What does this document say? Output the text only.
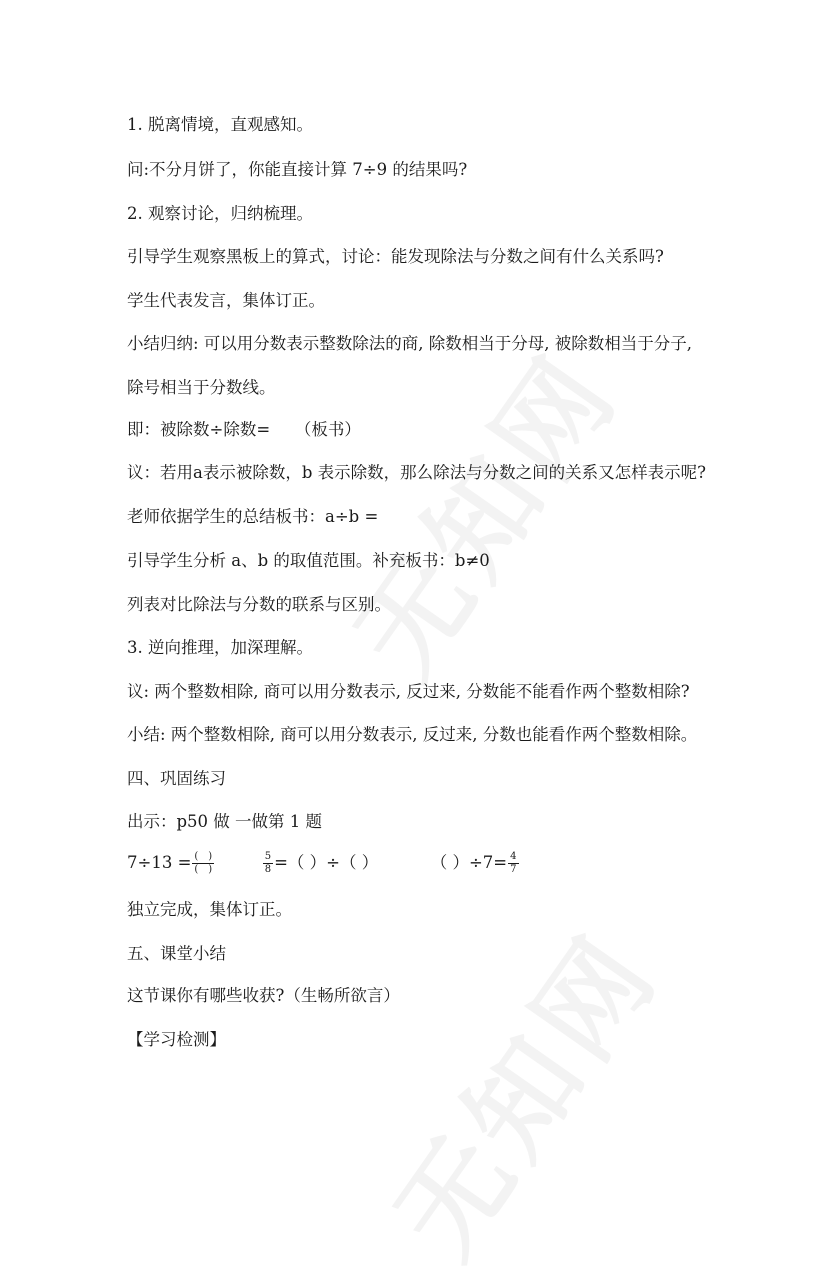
1. 脱离情境，直观感知。
问:不分月饼了，你能直接计算 7÷9 的结果吗?
2. 观察讨论，归纳梳理。
引导学生观察黑板上的算式，讨论：能发现除法与分数之间有什么关系吗?
学生代表发言，集体订正。
小结归纳: 可以用分数表示整数除法的商, 除数相当于分母, 被除数相当于分子,
除号相当于分数线。
即：被除数÷除数=　　（板书）
议：若用a表示被除数，b 表示除数，那么除法与分数之间的关系又怎样表示呢?
老师依据学生的总结板书：a÷b =
引导学生分析 a、b 的取值范围。补充板书：b≠0
列表对比除法与分数的联系与区别。
3. 逆向推理，加深理解。
议: 两个整数相除, 商可以用分数表示, 反过来, 分数能不能看作两个整数相除?
小结: 两个整数相除, 商可以用分数表示, 反过来, 分数也能看作两个整数相除。
四、巩固练习
出示：p50 做 一做第 1 题
$7\div 13 = \frac{( )}{( )}$
	$\frac{5}{8}$ =（ ）÷（ ）	（ ）$\div 7= \frac{4}{7}$
独立完成，集体订正。
五、课堂小结
这节课你有哪些收获?（生畅所欲言）
【学习检测】
